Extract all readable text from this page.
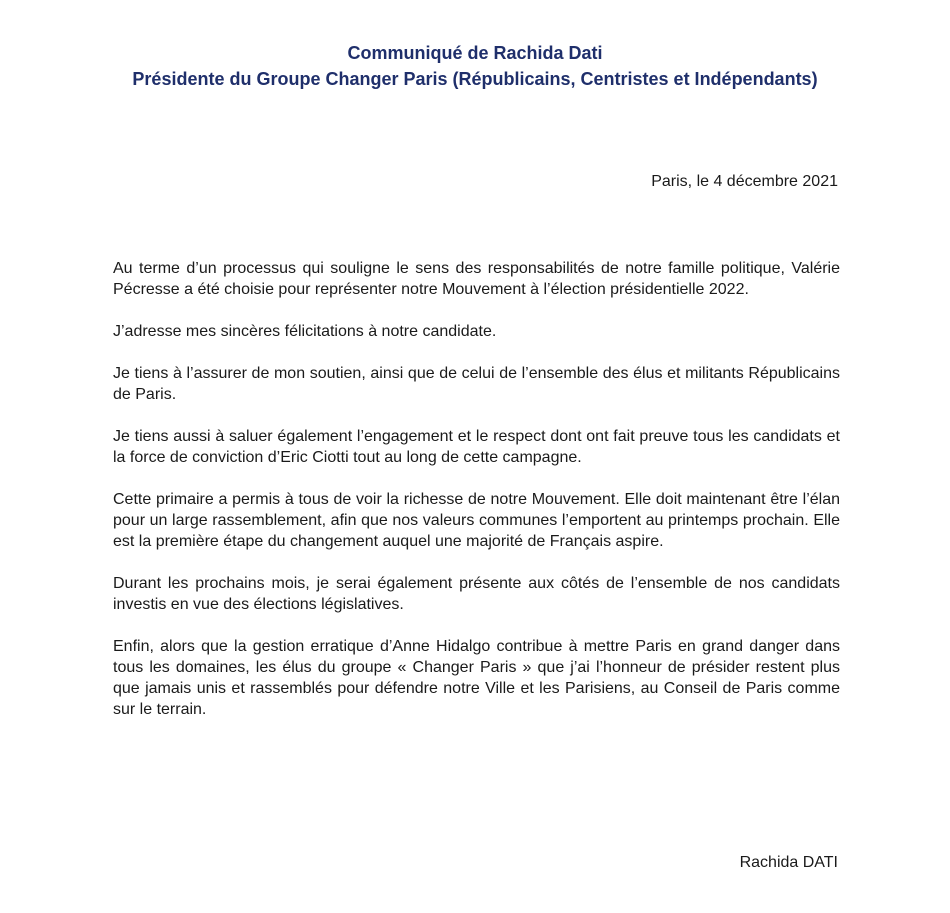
Communiqué de Rachida Dati
Présidente du Groupe Changer Paris (Républicains, Centristes et Indépendants)
Paris, le 4 décembre 2021

Au terme d’un processus qui souligne le sens des responsabilités de notre famille politique, Valérie Pécresse a été choisie pour représenter notre Mouvement à l’élection présidentielle 2022.

J’adresse mes sincères félicitations à notre candidate.

Je tiens à l’assurer de mon soutien, ainsi que de celui de l’ensemble des élus et militants Républicains de Paris.

Je tiens aussi à saluer également l’engagement et le respect dont ont fait preuve tous les candidats et la force de conviction d’Eric Ciotti tout au long de cette campagne.

Cette primaire a permis à tous de voir la richesse de notre Mouvement. Elle doit maintenant être l’élan pour un large rassemblement, afin que nos valeurs communes l’emportent au printemps prochain. Elle est la première étape du changement auquel une majorité de Français aspire.

Durant les prochains mois, je serai également présente aux côtés de l’ensemble de nos candidats investis en vue des élections législatives.

Enfin, alors que la gestion erratique d’Anne Hidalgo contribue à mettre Paris en grand danger dans tous les domaines, les élus du groupe « Changer Paris » que j’ai l’honneur de présider restent plus que jamais unis et rassemblés pour défendre notre Ville et les Parisiens, au Conseil de Paris comme sur le terrain.

Rachida DATI
